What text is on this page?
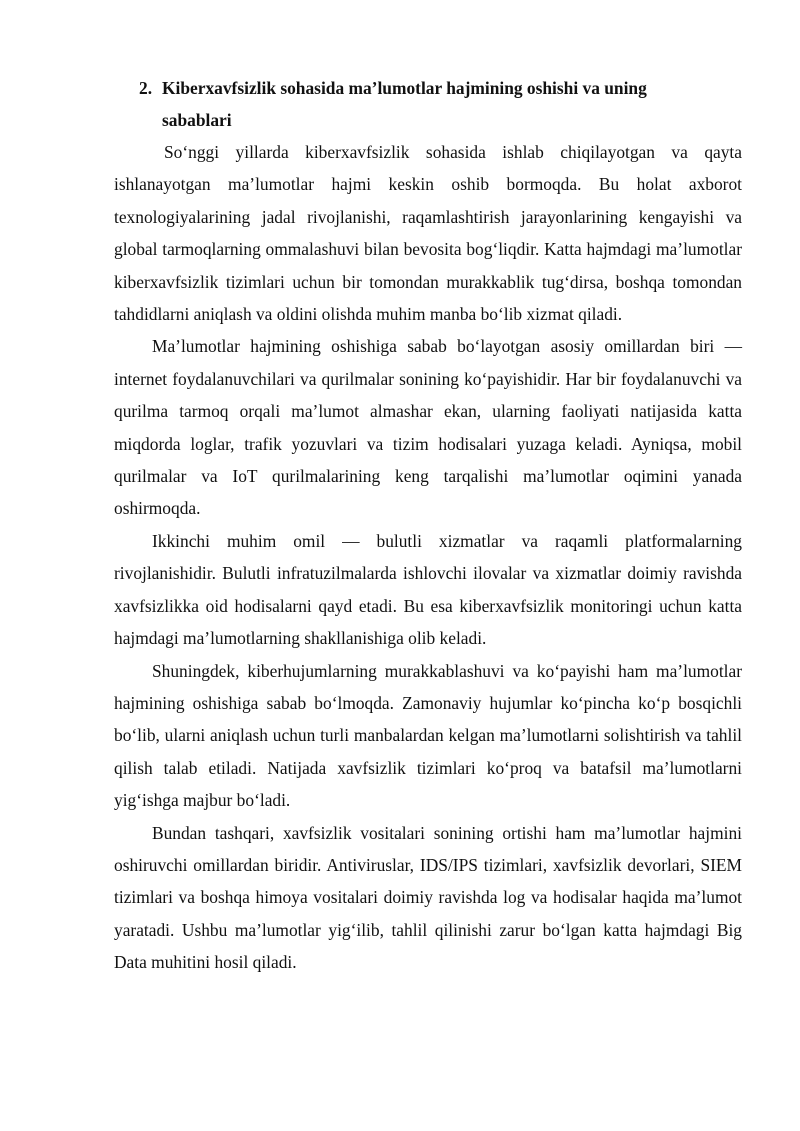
2. Kiberxavfsizlik sohasida ma’lumotlar hajmining oshishi va uning sabablari

So‘nggi yillarda kiberxavfsizlik sohasida ishlab chiqilayotgan va qayta ishlanayotgan ma’lumotlar hajmi keskin oshib bormoqda. Bu holat axborot texnologiyalarining jadal rivojlanishi, raqamlashtirish jarayonlarining kengayishi va global tarmoqlarning ommalashuvi bilan bevosita bog‘liqdir. Katta hajmdagi ma’lumotlar kiberxavfsizlik tizimlari uchun bir tomondan murakkablik tug‘dirsa, boshqa tomondan tahdidlarni aniqlash va oldini olishda muhim manba bo‘lib xizmat qiladi.

Ma’lumotlar hajmining oshishiga sabab bo‘layotgan asosiy omillardan biri — internet foydalanuvchilari va qurilmalar sonining ko‘payishidir. Har bir foydalanuvchi va qurilma tarmoq orqali ma’lumot almashar ekan, ularning faoliyati natijasida katta miqdorda loglar, trafik yozuvlari va tizim hodisalari yuzaga keladi. Ayniqsa, mobil qurilmalar va IoT qurilmalarining keng tarqalishi ma’lumotlar oqimini yanada oshirmoqda.

Ikkinchi muhim omil — bulutli xizmatlar va raqamli platformalarning rivojlanishidir. Bulutli infratuzilmalarda ishlovchi ilovalar va xizmatlar doimiy ravishda xavfsizlikka oid hodisalarni qayd etadi. Bu esa kiberxavfsizlik monitoringi uchun katta hajmdagi ma’lumotlarning shakllanishiga olib keladi.

Shuningdek, kiberhujumlarning murakkablashuvi va ko‘payishi ham ma’lumotlar hajmining oshishiga sabab bo‘lmoqda. Zamonaviy hujumlar ko‘pincha ko‘p bosqichli bo‘lib, ularni aniqlash uchun turli manbalardan kelgan ma’lumotlarni solishtirish va tahlil qilish talab etiladi. Natijada xavfsizlik tizimlari ko‘proq va batafsil ma’lumotlarni yig‘ishga majbur bo‘ladi.

Bundan tashqari, xavfsizlik vositalari sonining ortishi ham ma’lumotlar hajmini oshiruvchi omillardan biridir. Antiviruslar, IDS/IPS tizimlari, xavfsizlik devorlari, SIEM tizimlari va boshqa himoya vositalari doimiy ravishda log va hodisalar haqida ma’lumot yaratadi. Ushbu ma’lumotlar yig‘ilib, tahlil qilinishi zarur bo‘lgan katta hajmdagi Big Data muhitini hosil qiladi.
